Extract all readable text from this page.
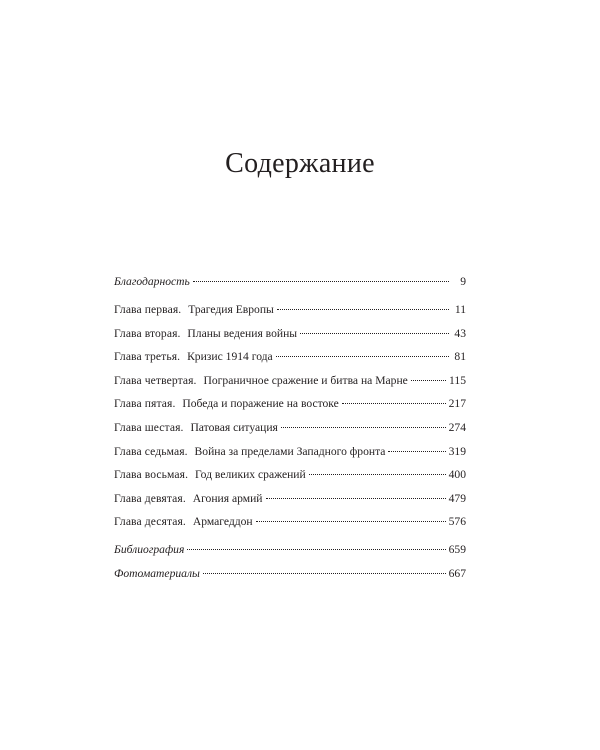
Содержание
Благодарность	9
Глава первая. Трагедия Европы	11
Глава вторая. Планы ведения войны	43
Глава третья. Кризис 1914 года	81
Глава четвертая. Пограничное сражение и битва на Марне	115
Глава пятая. Победа и поражение на востоке	217
Глава шестая. Патовая ситуация	274
Глава седьмая. Война за пределами Западного фронта	319
Глава восьмая. Год великих сражений	400
Глава девятая. Агония армий	479
Глава десятая. Армагеддон	576
Библиография	659
Фотоматериалы	667
